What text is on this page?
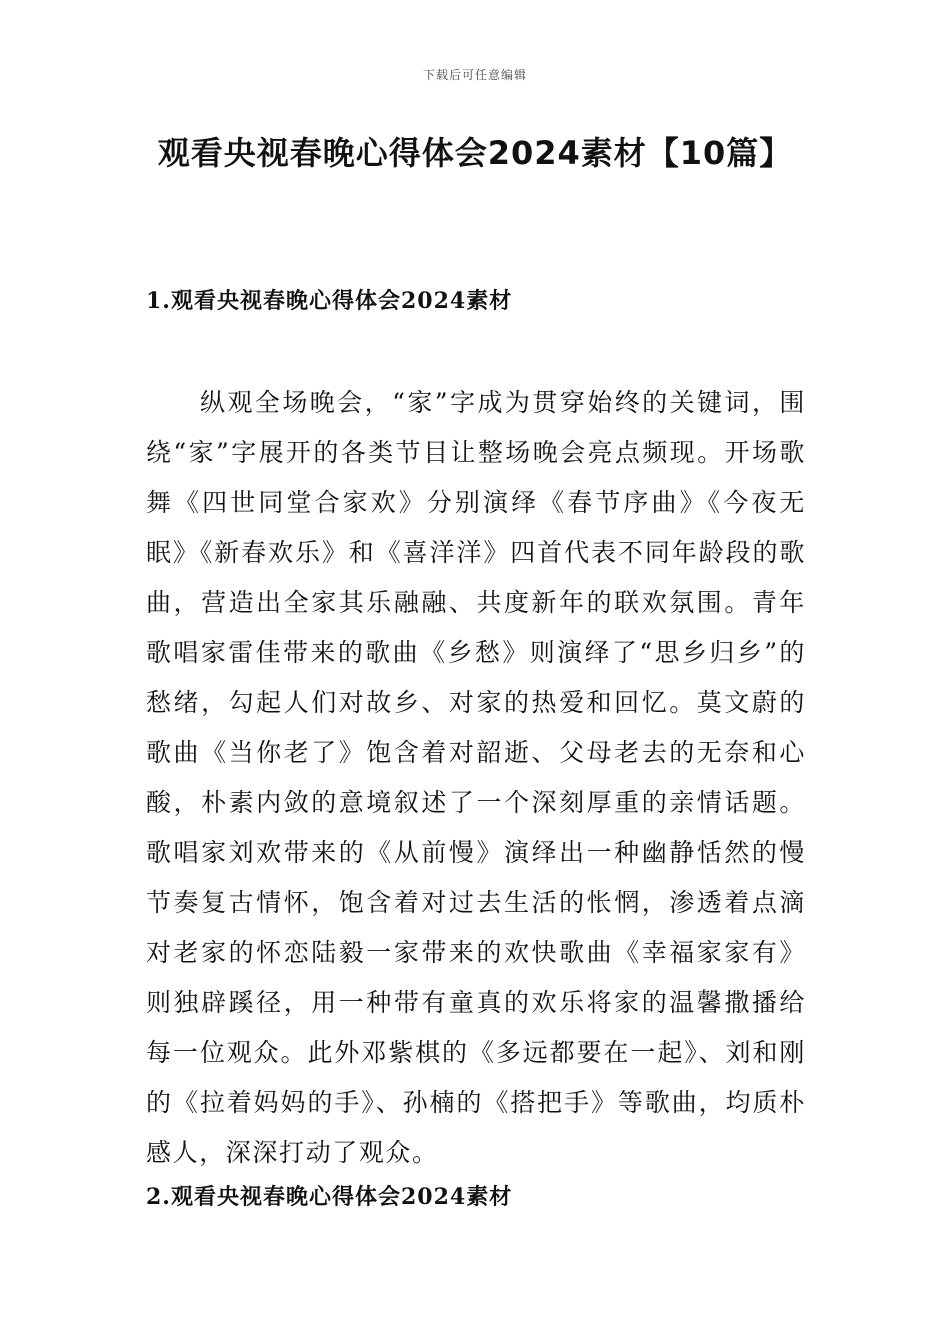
下载后可任意编辑
观看央视春晚心得体会2024素材【10篇】
1.观看央视春晚心得体会2024素材

纵观全场晚会，“家”字成为贯穿始终的关键词，围绕“家”字展开的各类节目让整场晚会亮点频现。开场歌舞《四世同堂合家欢》分别演绎《春节序曲》《今夜无眠》《新春欢乐》和《喜洋洋》四首代表不同年龄段的歌曲，营造出全家其乐融融、共度新年的联欢氛围。青年歌唱家雷佳带来的歌曲《乡愁》则演绎了“思乡归乡”的愁绪，勾起人们对故乡、对家的热爱和回忆。莫文蔚的歌曲《当你老了》饱含着对韶逝、父母老去的无奈和心酸，朴素内敛的意境叙述了一个深刻厚重的亲情话题。歌唱家刘欢带来的《从前慢》演绎出一种幽静恬然的慢节奏复古情怀，饱含着对过去生活的怅惘，渗透着点滴对老家的怀恋陆毅一家带来的欢快歌曲《幸福家家有》则独辟蹊径，用一种带有童真的欢乐将家的温馨撒播给每一位观众。此外邓紫棋的《多远都要在一起》、刘和刚的《拉着妈妈的手》、孙楠的《搭把手》等歌曲，均质朴感人，深深打动了观众。

2.观看央视春晚心得体会2024素材
